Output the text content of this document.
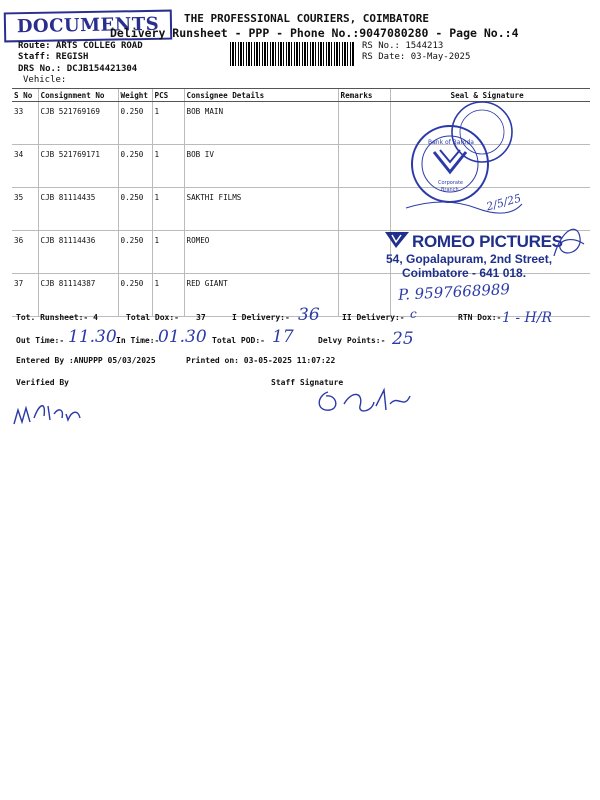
DOCUMENTS	THE PROFESSIONAL COURIERS, COIMBATORE
Delivery Runsheet - PPP - Phone No.:9047080280 - Page No.:4
Route: ARTS COLLEG ROAD
Staff: REGISH
DRS No.: DCJB154421304
Vehicle:
RS No.: 1544213
RS Date: 03-May-2025
S No	Consignment No	Weight	PCS	Consignee Details	Remarks	Seal & Signature
33	CJB 521769169	0.250	1	BOB MAIN		
34	CJB 521769171	0.250	1	BOB IV		
35	CJB 81114435	0.250	1	SAKTHI FILMS		
36	CJB 81114436	0.250	1	ROMEO		
37	CJB 81114387	0.250	1	RED GIANT		
Bank of Baroda
Corporate
Branch
2/5/25
ROMEO PICTURES
54, Gopalapuram, 2nd Street,
Coimbatore - 641 018.
P. 9597668989
Tot. Runsheet:- 4	Total Dox:- 37	I Delivery:- 36	II Delivery:- c	RTN Dox:- 1 - H/R
Out Time:- 11.30 In Time:-
01.30 Total POD:- 17	Delvy Points:- 25
Entered By :ANUPPP 05/03/2025	Printed on: 03-05-2025 11:07:22
Verified By	Staff Signature
